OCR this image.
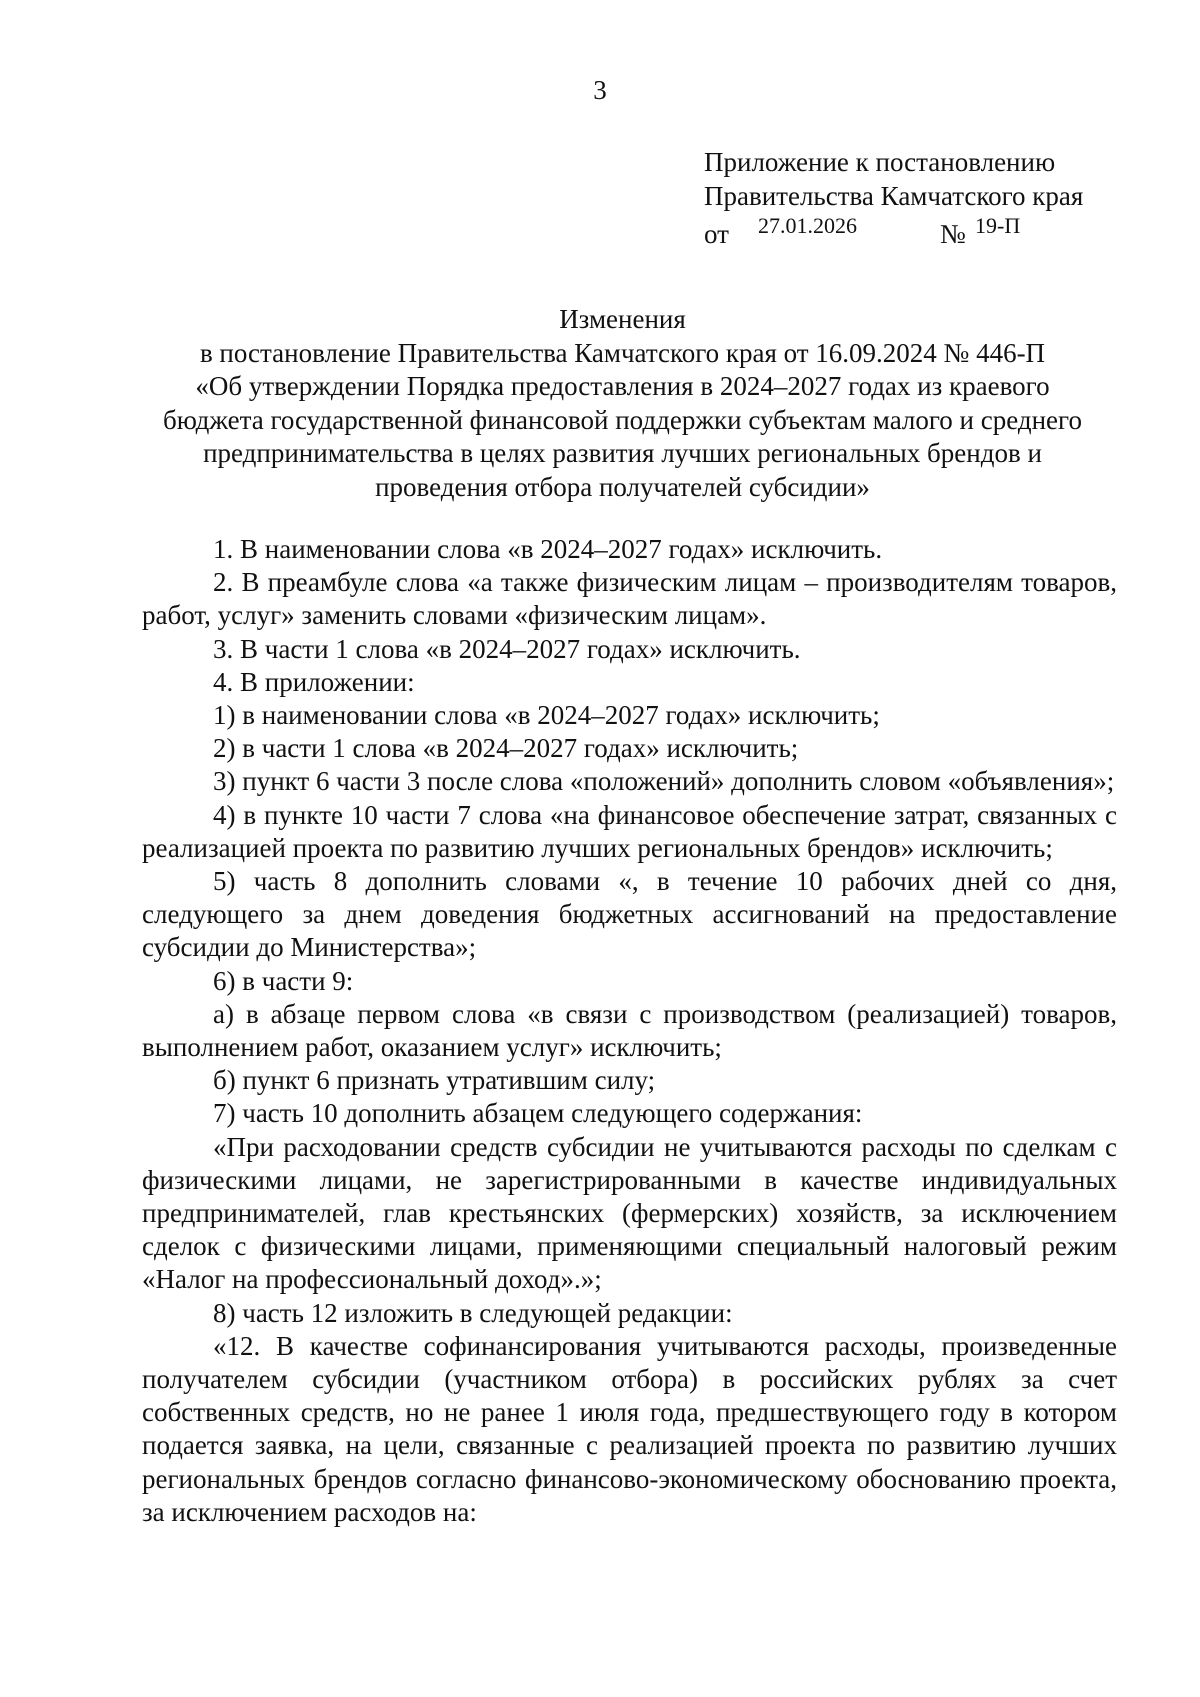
3
Приложение к постановлению
Правительства Камчатского края
от 27.01.2026	№ 19-П
Изменения
в постановление Правительства Камчатского края от 16.09.2024 № 446-П
«Об утверждении Порядка предоставления в 2024–2027 годах из краевого
бюджета государственной финансовой поддержки субъектам малого и среднего
предпринимательства в целях развития лучших региональных брендов и
проведения отбора получателей субсидии»

1. В наименовании слова «в 2024–2027 годах» исключить.

2. В преамбуле слова «а также физическим лицам – производителям товаров, работ, услуг» заменить словами «физическим лицам».

3. В части 1 слова «в 2024–2027 годах» исключить.

4. В приложении:

1) в наименовании слова «в 2024–2027 годах» исключить;

2) в части 1 слова «в 2024–2027 годах» исключить;

3) пункт 6 части 3 после слова «положений» дополнить словом «объявления»;

4) в пункте 10 части 7 слова «на финансовое обеспечение затрат, связанных с реализацией проекта по развитию лучших региональных брендов» исключить;

5) часть 8 дополнить словами «, в течение 10 рабочих дней со дня, следующего за днем доведения бюджетных ассигнований на предоставление субсидии до Министерства»;

6) в части 9:

а) в абзаце первом слова «в связи с производством (реализацией) товаров, выполнением работ, оказанием услуг» исключить;

б) пункт 6 признать утратившим силу;

7) часть 10 дополнить абзацем следующего содержания:

«При расходовании средств субсидии не учитываются расходы по сделкам с физическими лицами, не зарегистрированными в качестве индивидуальных предпринимателей, глав крестьянских (фермерских) хозяйств, за исключением сделок с физическими лицами, применяющими специальный налоговый режим «Налог на профессиональный доход».»;

8) часть 12 изложить в следующей редакции:

«12. В качестве софинансирования учитываются расходы, произведенные получателем субсидии (участником отбора) в российских рублях за счет собственных средств, но не ранее 1 июля года, предшествующего году в котором подается заявка, на цели, связанные с реализацией проекта по развитию лучших региональных брендов согласно финансово-экономическому обоснованию проекта, за исключением расходов на:
